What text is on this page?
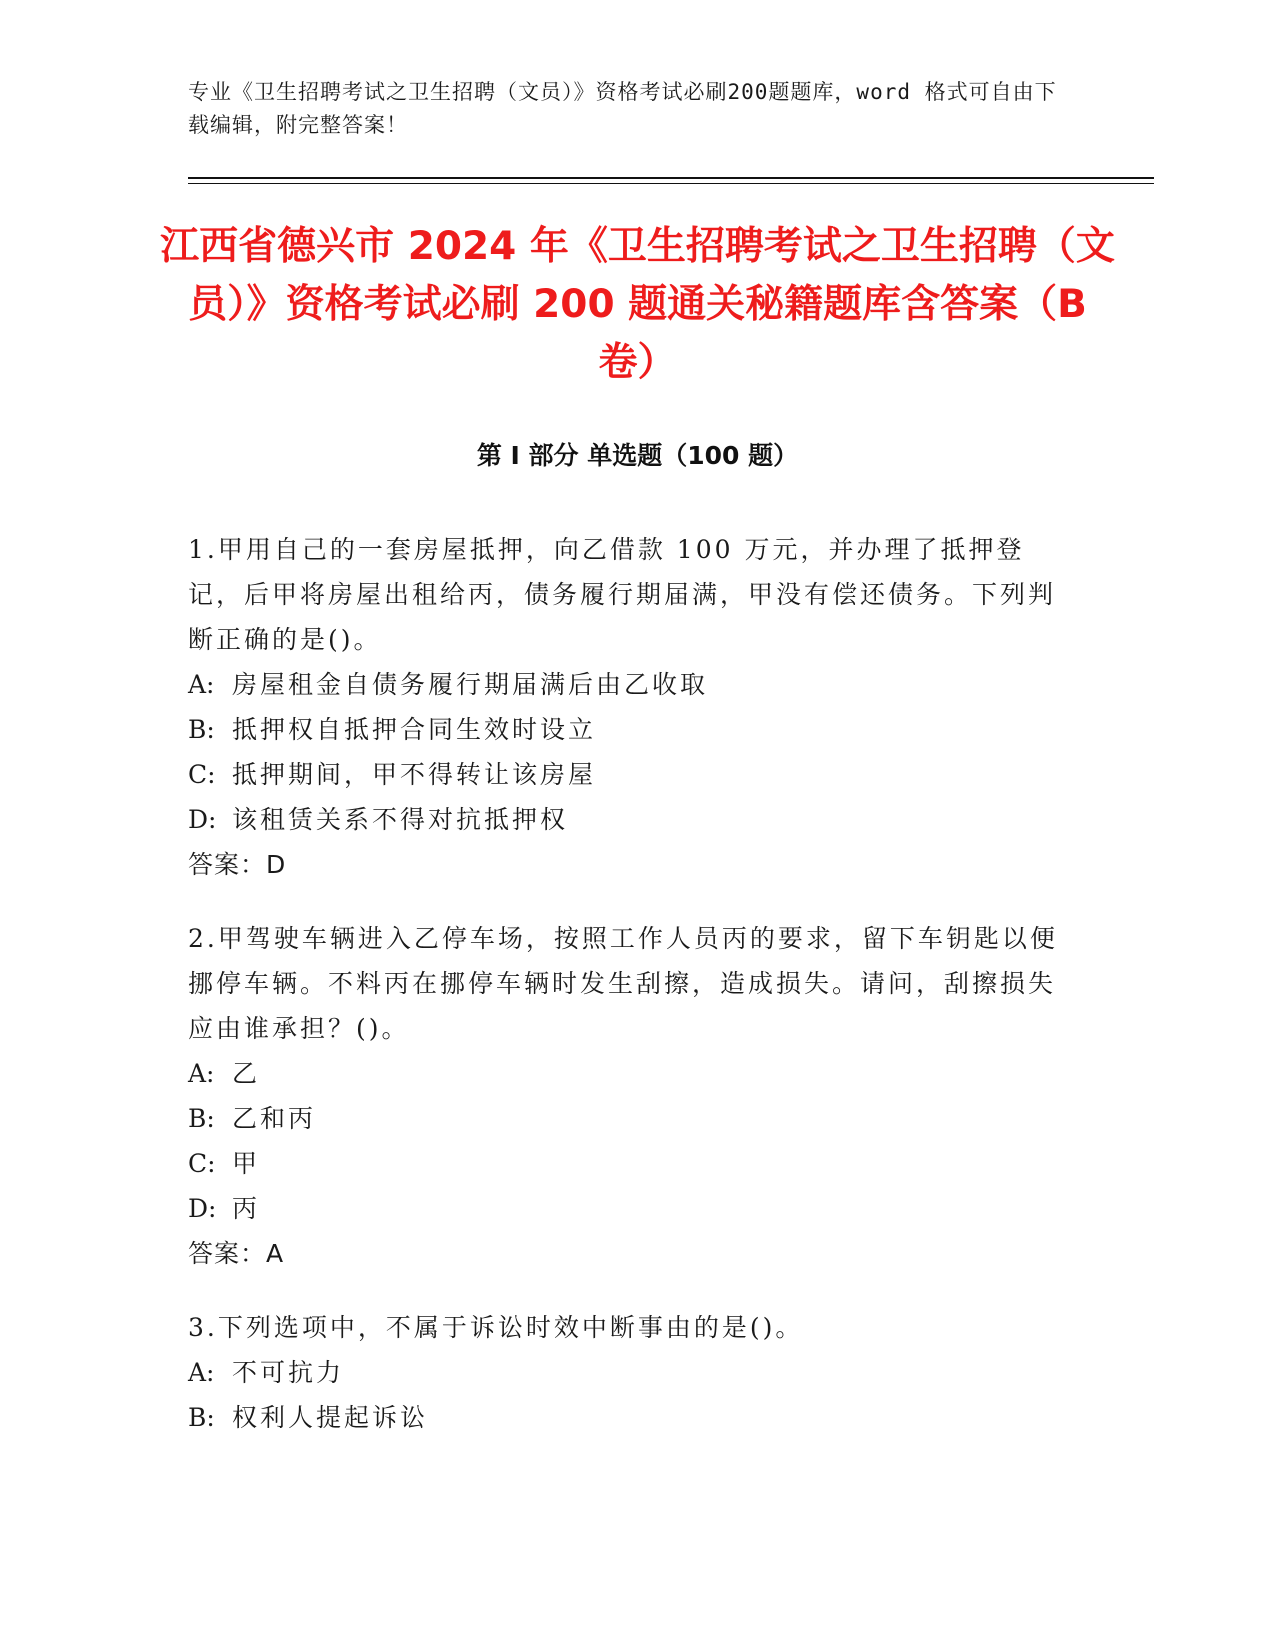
专业《卫生招聘考试之卫生招聘（文员）》资格考试必刷200题题库，word 格式可自由下载编辑，附完整答案！
江西省德兴市 2024 年《卫生招聘考试之卫生招聘（文员）》资格考试必刷 200 题通关秘籍题库含答案（B 卷）
第 I 部分 单选题（100 题）

1.甲用自己的一套房屋抵押，向乙借款 100 万元，并办理了抵押登记，后甲将房屋出租给丙，债务履行期届满，甲没有偿还债务。下列判断正确的是()。

A: 房屋租金自债务履行期届满后由乙收取

B: 抵押权自抵押合同生效时设立

C: 抵押期间，甲不得转让该房屋

D: 该租赁关系不得对抗抵押权

答案：D

2.甲驾驶车辆进入乙停车场，按照工作人员丙的要求，留下车钥匙以便挪停车辆。不料丙在挪停车辆时发生刮擦，造成损失。请问，刮擦损失应由谁承担？()。

A: 乙

B: 乙和丙

C: 甲

D: 丙

答案：A

3.下列选项中，不属于诉讼时效中断事由的是()。

A: 不可抗力

B: 权利人提起诉讼
